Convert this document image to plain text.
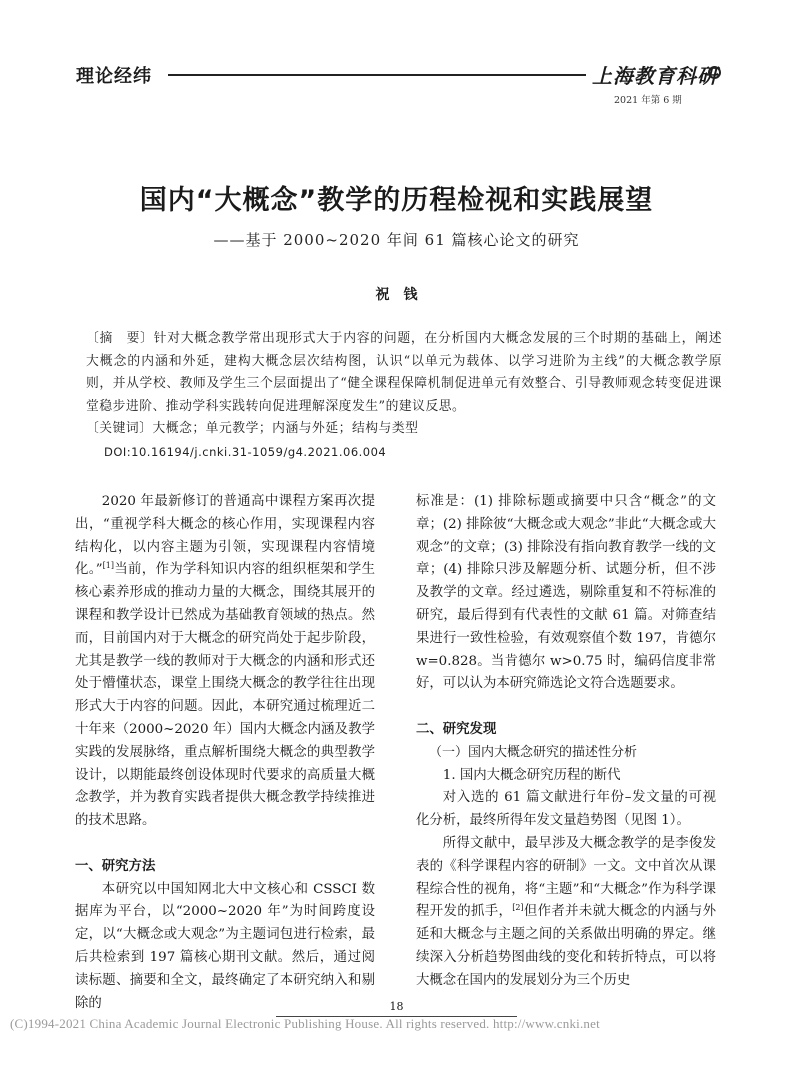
理论经纬	上海教育科研
2021 年第 6 期
国内“大概念”教学的历程检视和实践展望
——基于 2000~2020 年间 61 篇核心论文的研究
祝钱
〔摘　要〕针对大概念教学常出现形式大于内容的问题，在分析国内大概念发展的三个时期的基础上，阐述大概念的内涵和外延，建构大概念层次结构图，认识“以单元为载体、以学习进阶为主线”的大概念教学原则，并从学校、教师及学生三个层面提出了“健全课程保障机制促进单元有效整合、引导教师观念转变促进课堂稳步进阶、推动学科实践转向促进理解深度发生”的建议反思。
〔关键词〕大概念；单元教学；内涵与外延；结构与类型
DOI:10.16194/j.cnki.31-1059/g4.2021.06.004

2020 年最新修订的普通高中课程方案再次提出，“重视学科大概念的核心作用，实现课程内容结构化，以内容主题为引领，实现课程内容情境化。”[1]当前，作为学科知识内容的组织框架和学生核心素养形成的推动力量的大概念，围绕其展开的课程和教学设计已然成为基础教育领域的热点。然而，目前国内对于大概念的研究尚处于起步阶段，尤其是教学一线的教师对于大概念的内涵和形式还处于懵懂状态，课堂上围绕大概念的教学往往出现形式大于内容的问题。因此，本研究通过梳理近二十年来（2000~2020 年）国内大概念内涵及教学实践的发展脉络，重点解析围绕大概念的典型教学设计，以期能最终创设体现时代要求的高质量大概念教学，并为教育实践者提供大概念教学持续推进的技术思路。

一、研究方法

本研究以中国知网北大中文核心和 CSSCI 数据库为平台，以“2000~2020 年”为时间跨度设定，以“大概念或大观念”为主题词包进行检索，最后共检索到 197 篇核心期刊文献。然后，通过阅读标题、摘要和全文，最终确定了本研究纳入和剔除的

标准是：(1) 排除标题或摘要中只含“概念”的文章；(2) 排除彼“大概念或大观念”非此“大概念或大观念”的文章；(3) 排除没有指向教育教学一线的文章；(4) 排除只涉及解题分析、试题分析，但不涉及教学的文章。经过遴选，剔除重复和不符标准的研究，最后得到有代表性的文献 61 篇。对筛查结果进行一致性检验，有效观察值个数 197，肯德尔 w=0.828。当肯德尔 w>0.75 时，编码信度非常好，可以认为本研究筛选论文符合选题要求。

二、研究发现
（一）国内大概念研究的描述性分析

1. 国内大概念研究历程的断代

对入选的 61 篇文献进行年份–发文量的可视化分析，最终所得年发文量趋势图（见图 1）。

所得文献中，最早涉及大概念教学的是李俊发表的《科学课程内容的研制》一文。文中首次从课程综合性的视角，将“主题”和“大概念”作为科学课程开发的抓手，[2]但作者并未就大概念的内涵与外延和大概念与主题之间的关系做出明确的界定。继续深入分析趋势图曲线的变化和转折特点，可以将大概念在国内的发展划分为三个历史

18
(C)1994-2021 China Academic Journal Electronic Publishing House. All rights reserved. http://www.cnki.net
